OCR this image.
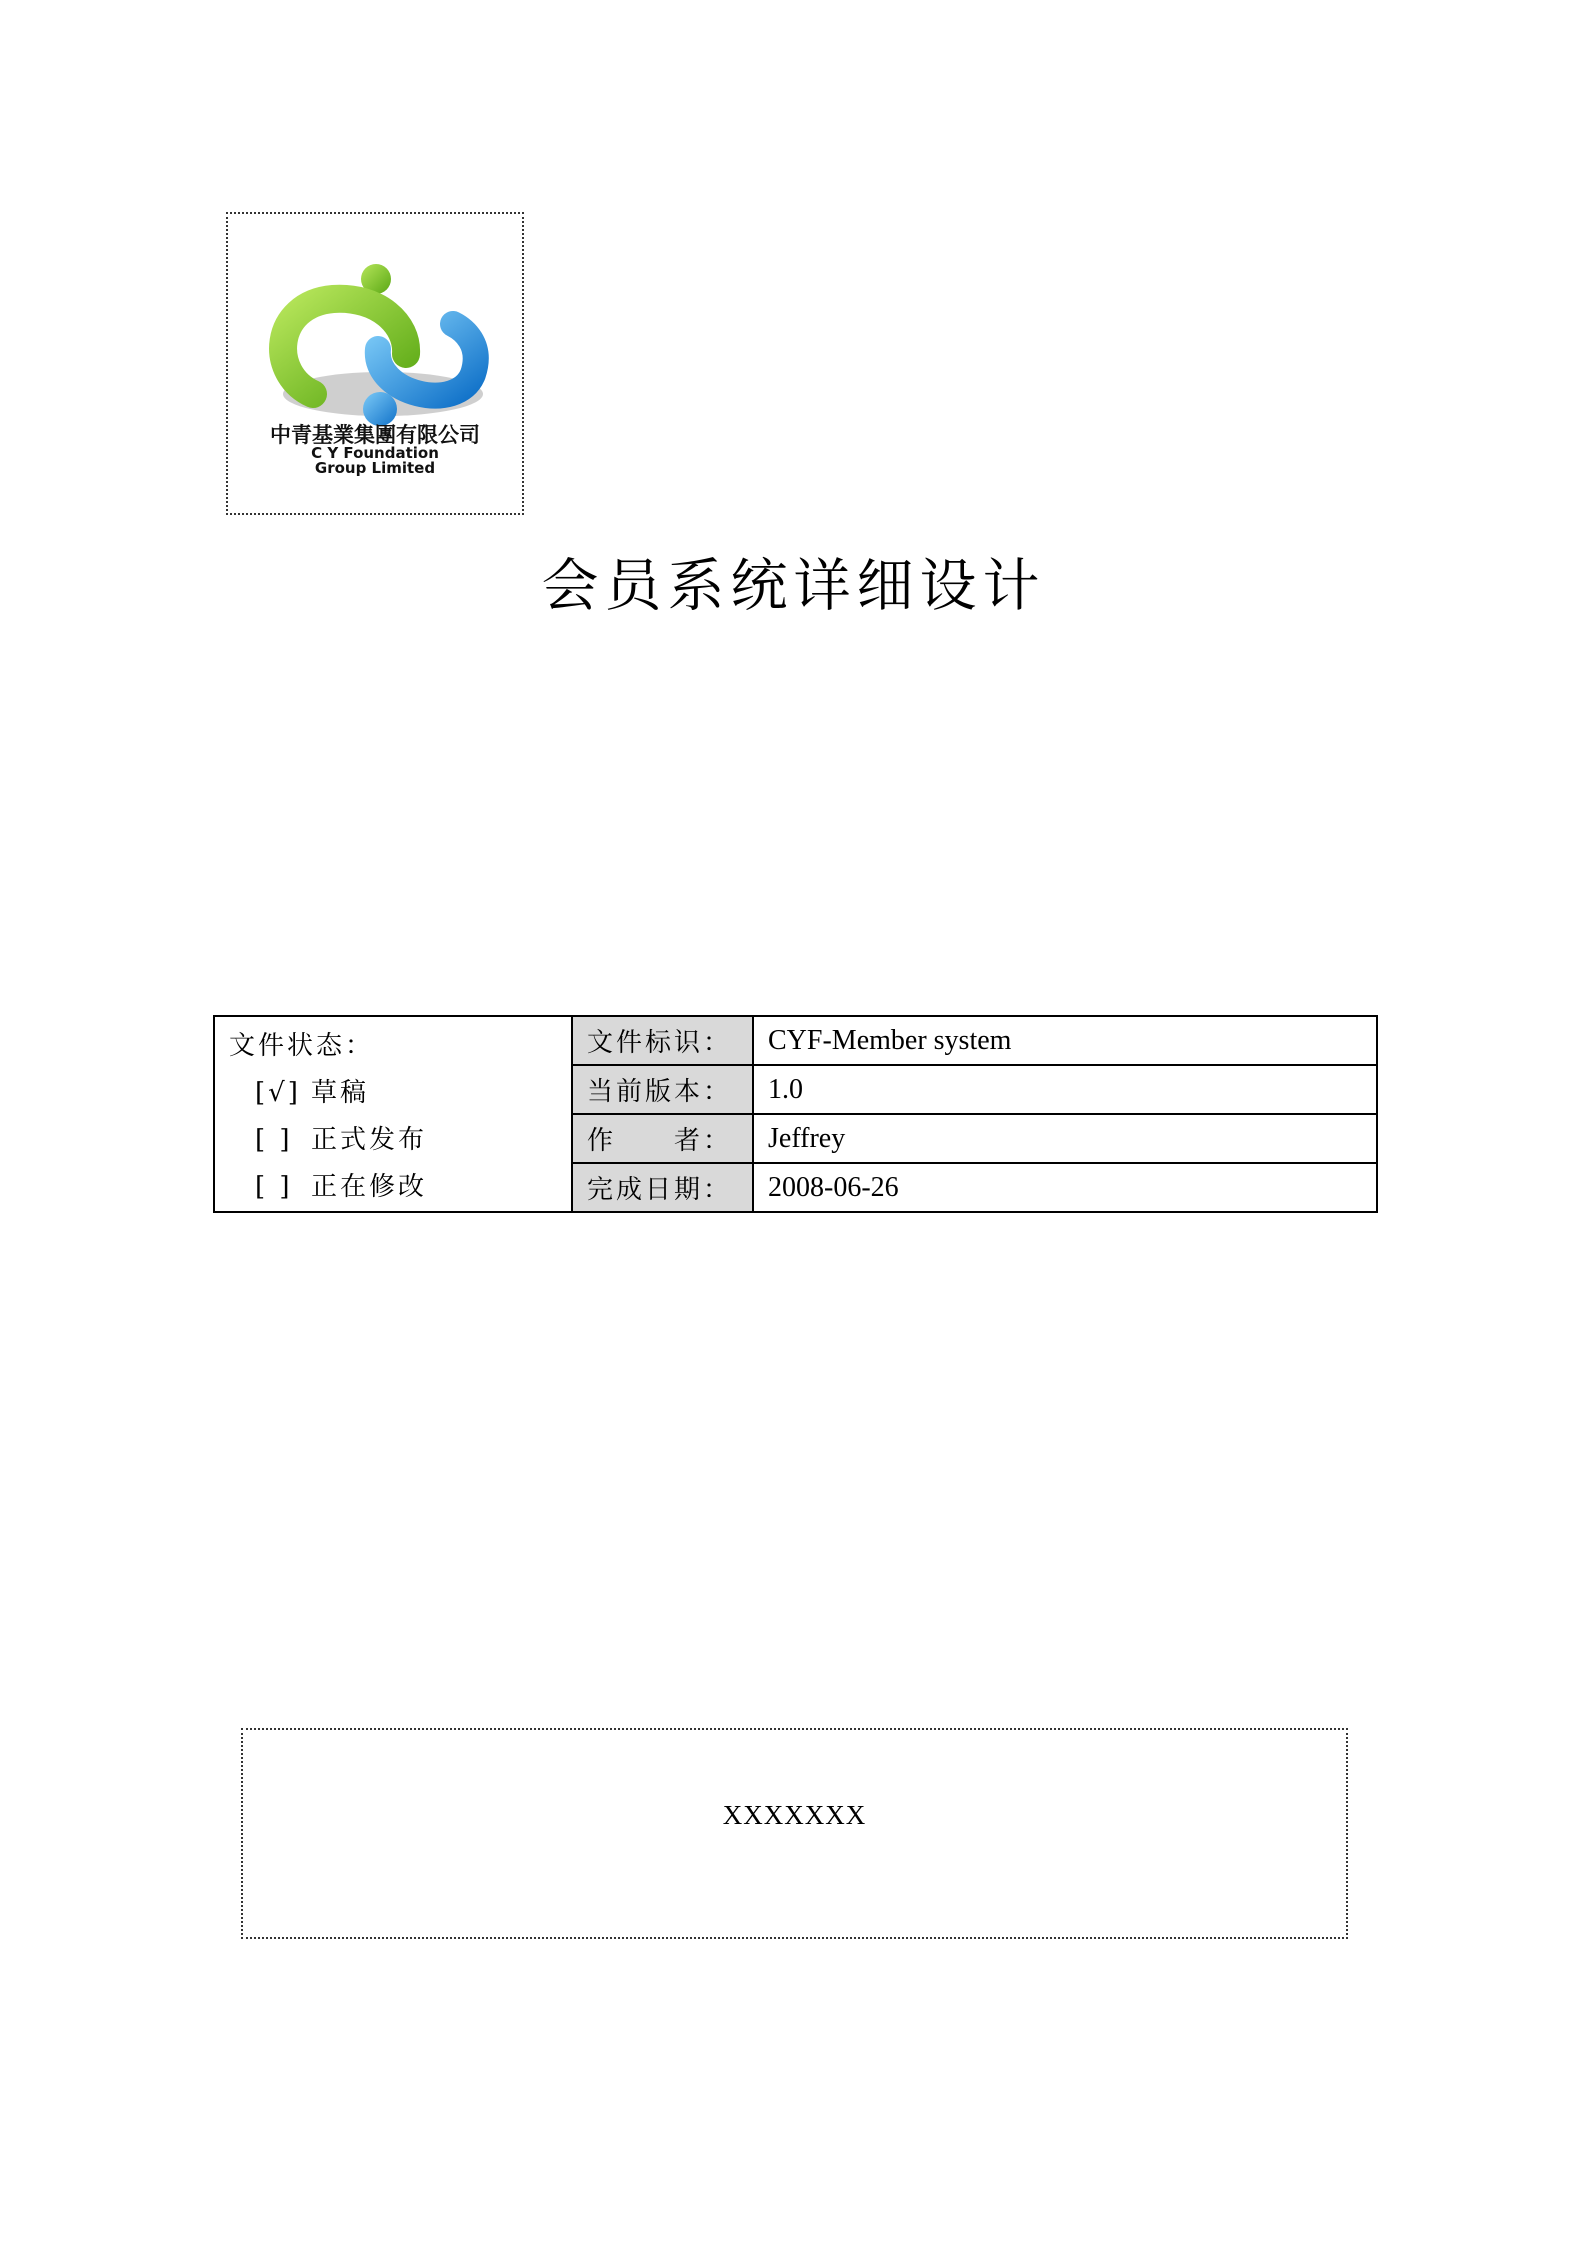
中青基業集團有限公司
C Y Foundation
Group Limited
会员系统详细设计
文件状态：
[√] 草稿
[ ] 正式发布
[ ] 正在修改	文件标识：	CYF-Member system
	当前版本：	1.0
	作　　者：	Jeffrey
	完成日期：	2008-06-26
XXXXXXX
